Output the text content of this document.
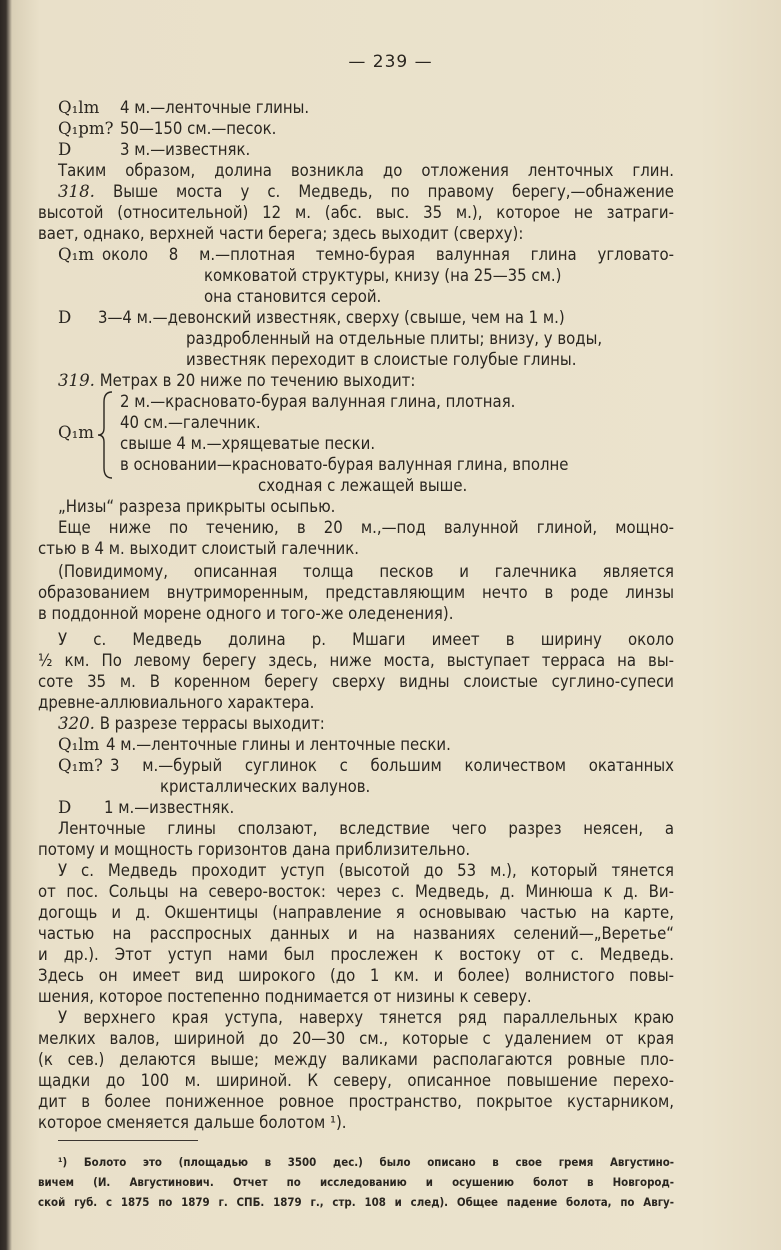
— 239 —
Q₁lm 4 м.—ленточные глины.
Q₁pm? 50—150 см.—песок.
D	3 м.—известняк.
Таким образом, долина возникла до отложения ленточных глин.
318. Выше моста у с. Медведь, по правому берегу,—обнажение
высотой (относительной) 12 м. (абс. выс. 35 м.), которое не затраги-
вает, однако, верхней части берега; здесь выходит (сверху):
Q₁m около 8 м.—плотная темно-бурая валунная глина угловато-
комковатой структуры, книзу (на 25—35 см.)
она становится серой.
D 3—4 м.—девонский известняк, сверху (свыше, чем на 1 м.)
раздробленный на отдельные плиты; внизу, у воды,
известняк переходит в слоистые голубые глины.
319. Метрах в 20 ниже по течению выходит:
2 м.—красновато-бурая валунная глина, плотная.
40 см.—галечник.
Q₁m
свыше 4 м.—хрящеватые пески.
в основании—красновато-бурая валунная глина, вполне
сходная с лежащей выше.
„Низы“ разреза прикрыты осыпью.
Еще ниже по течению, в 20 м.,—под валунной глиной, мощно-
стью в 4 м. выходит слоистый галечник.
(Повидимому, описанная толща песков и галечника является
образованием внутриморенным, представляющим нечто в роде линзы
в поддонной морене одного и того-же оледенения).
У с. Медведь долина р. Мшаги имеет в ширину около
½ км. По левому берегу здесь, ниже моста, выступает терраса на вы-
соте 35 м. В коренном берегу сверху видны слоистые суглино-супеси
древне-аллювиального характера.
320. В разрезе террасы выходит:
Q₁lm 4 м.—ленточные глины и ленточные пески.
Q₁m? 3 м.—бурый суглинок с большим количеством окатанных
кристаллических валунов.
D 1 м.—известняк.
Ленточные глины сползают, вследствие чего разрез неясен, а
потому и мощность горизонтов дана приблизительно.
У с. Медведь проходит уступ (высотой до 53 м.), который тянется
от пос. Сольцы на северо-восток: через с. Медведь, д. Минюша к д. Ви-
догощь и д. Окшентицы (направление я основываю частью на карте,
частью на расспросных данных и на названиях селений—„Веретье“
и др.). Этот уступ нами был прослежен к востоку от с. Медведь.
Здесь он имеет вид широкого (до 1 км. и более) волнистого повы-
шения, которое постепенно поднимается от низины к северу.
У верхнего края уступа, наверху тянется ряд параллельных краю
мелких валов, шириной до 20—30 см., которые с удалением от края
(к сев.) делаются выше; между валиками располагаются ровные пло-
щадки до 100 м. шириной. К северу, описанное повышение перехо-
дит в более пониженное ровное пространство, покрытое кустарником,
которое сменяется дальше болотом ¹).
¹) Болото это (площадью в 3500 дес.) было описано в свое гремя Августино-
вичем (И. Августинович. Отчет по исследованию и осушению болот в Новгород-
ской губ. с 1875 по 1879 г. СПБ. 1879 г., стр. 108 и след). Общее падение болота, по Авгу-
